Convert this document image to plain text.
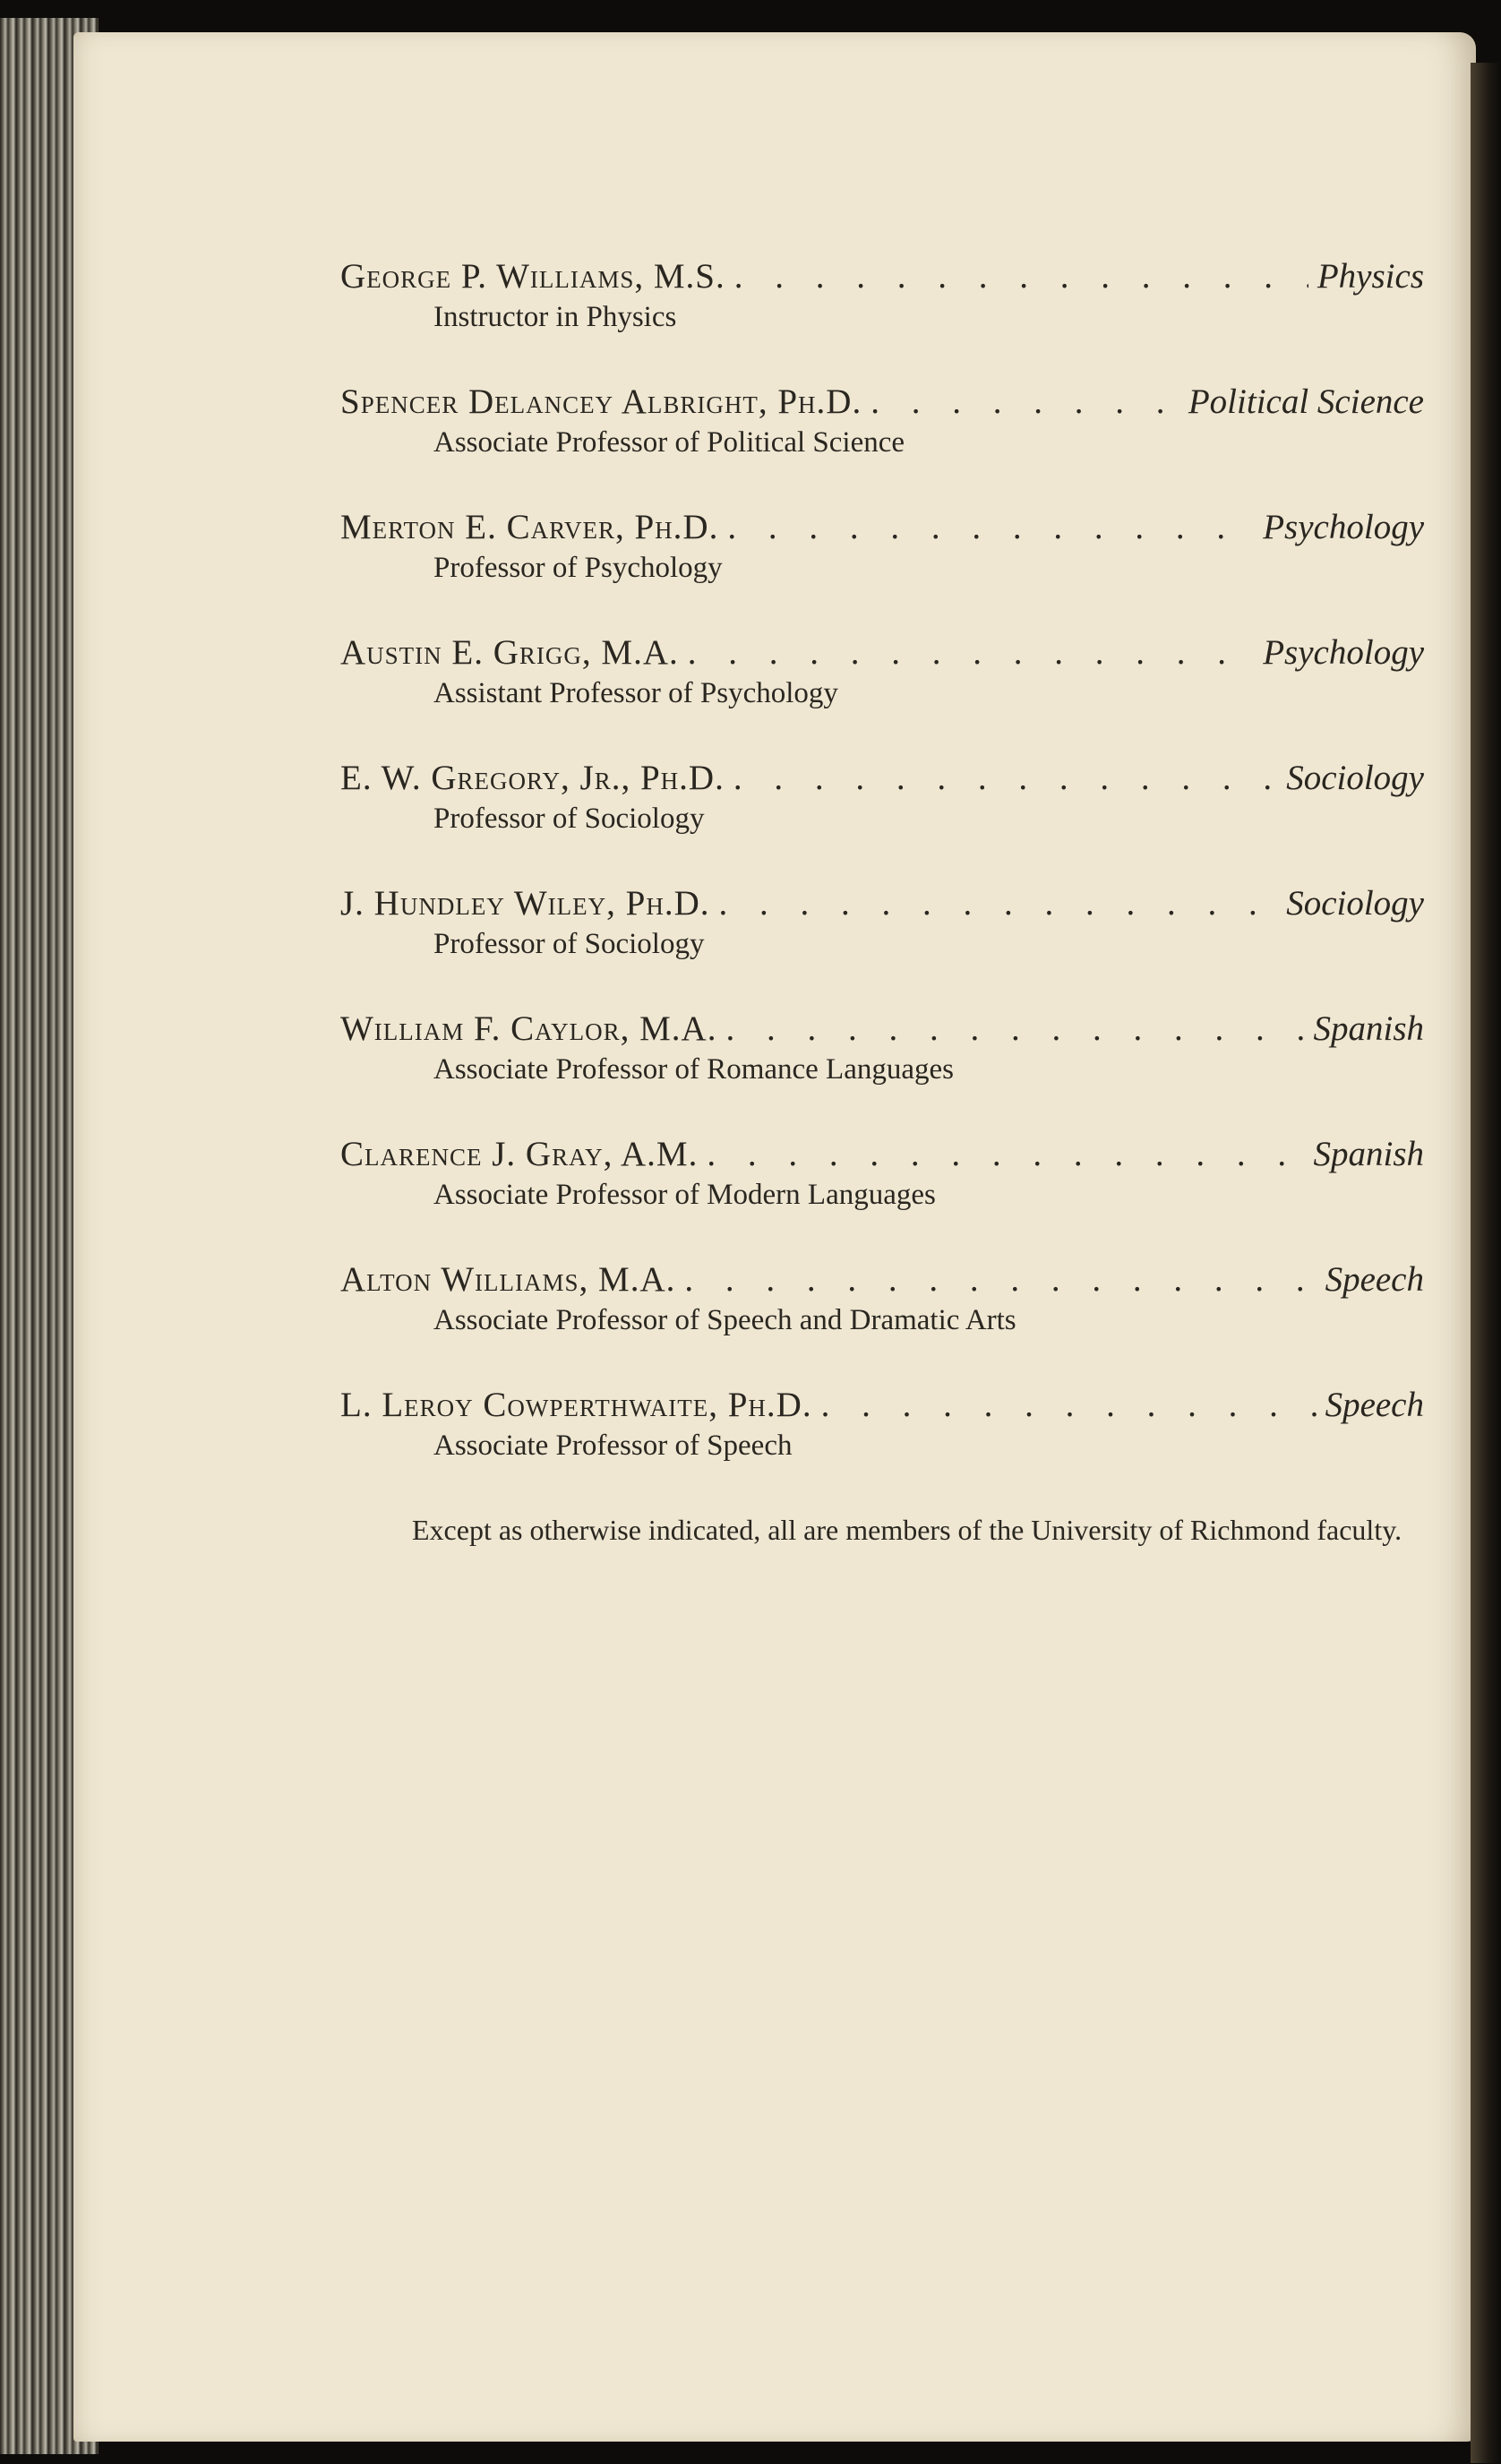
George P. Williams, M.S. . . .	Physics
Instructor in Physics
Spencer Delancey Albright, Ph.D. . . .	Political Science
Associate Professor of Political Science
Merton E. Carver, Ph.D. . . .	Psychology
Professor of Psychology
Austin E. Grigg, M.A. . . .	Psychology
Assistant Professor of Psychology
E. W. Gregory, Jr., Ph.D. . . .	Sociology
Professor of Sociology
J. Hundley Wiley, Ph.D. . . .	Sociology
Professor of Sociology
William F. Caylor, M.A. . . .	Spanish
Associate Professor of Romance Languages
Clarence J. Gray, A.M. . . .	Spanish
Associate Professor of Modern Languages
Alton Williams, M.A. . . .	Speech
Associate Professor of Speech and Dramatic Arts
L. Leroy Cowperthwaite, Ph.D. . . .	Speech
Associate Professor of Speech
Except as otherwise indicated, all are members of the University of Richmond faculty.
